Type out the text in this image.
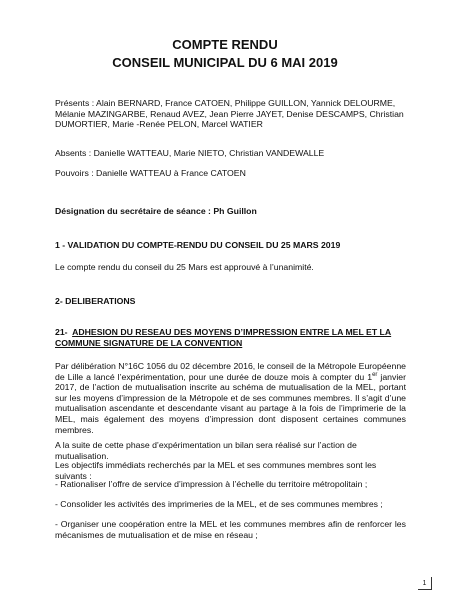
COMPTE RENDU
CONSEIL MUNICIPAL DU 6 MAI 2019

Présents : Alain BERNARD, France CATOEN, Philippe GUILLON, Yannick DELOURME, Mélanie MAZINGARBE, Renaud AVEZ, Jean Pierre JAYET, Denise DESCAMPS, Christian DUMORTIER, Marie -Renée PELON, Marcel WATIER

Absents : Danielle WATTEAU, Marie NIETO, Christian VANDEWALLE

Pouvoirs : Danielle WATTEAU à France CATOEN

Désignation du secrétaire de séance : Ph Guillon

1 - VALIDATION DU COMPTE-RENDU DU CONSEIL DU 25 MARS 2019

Le compte rendu du conseil du 25 Mars est approuvé à l’unanimité.

2- DELIBERATIONS

21- ADHESION DU RESEAU DES MOYENS D’IMPRESSION ENTRE LA MEL ET LA COMMUNE SIGNATURE DE LA CONVENTION

Par délibération N°16C 1056 du 02 décembre 2016, le conseil de la Métropole Européenne de Lille a lancé l’expérimentation, pour une durée de douze mois à compter du 1er janvier 2017, de l’action de mutualisation inscrite au schéma de mutualisation de la MEL, portant sur les moyens d’impression de la Métropole et de ses communes membres. Il s’agit d’une mutualisation ascendante et descendante visant au partage à la fois de l’imprimerie de la MEL, mais également des moyens d’impression dont disposent certaines communes membres.

A la suite de cette phase d’expérimentation un bilan sera réalisé sur l’action de mutualisation.

Les objectifs immédiats recherchés par la MEL et ses communes membres sont les suivants :

- Rationaliser l’offre de service d’impression à l’échelle du territoire métropolitain ;

- Consolider les activités des imprimeries de la MEL, et de ses communes membres ;

- Organiser une coopération entre la MEL et les communes membres afin de renforcer les mécanismes de mutualisation et de mise en réseau ;

1
